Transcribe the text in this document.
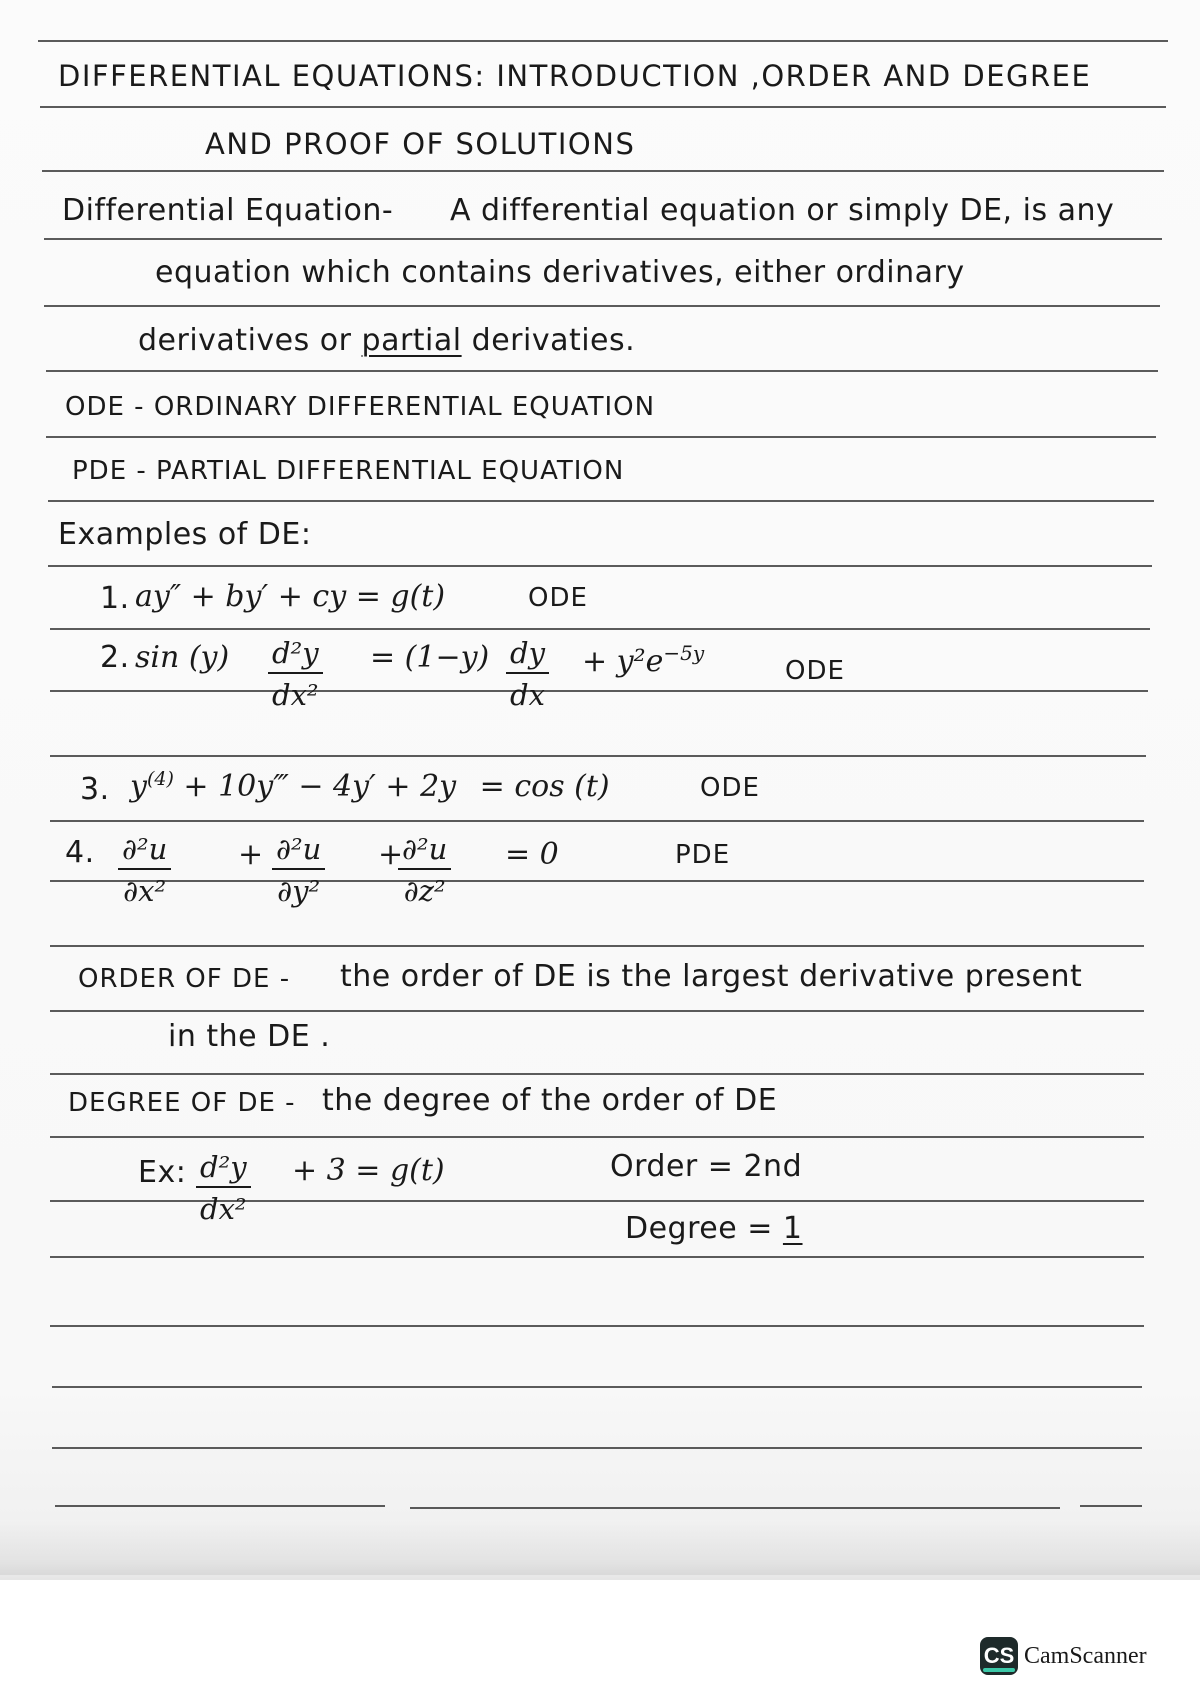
DIFFERENTIAL EQUATIONS: INTRODUCTION ,ORDER AND DEGREE
AND PROOF OF SOLUTIONS
Differential Equation- A differential equation or simply DE, is any
equation which contains derivatives, either ordinary
derivatives or partial derivaties.
ODE - ORDINARY DIFFERENTIAL EQUATION
PDE - PARTIAL DIFFERENTIAL EQUATION
Examples of DE:
1. ay″ + by′ + cy = g(t)	ODE
2. $\sin (y) \frac{\text{d²y}}{\text{dx²}} = (1-y) \frac{dy}{dx} + y^2e^{-5y}$
ODE
3. $y^{(4)}$ + 10y‴ − 4y′ + 2y = cos (t)	ODE
4. $\frac{\text{∂²u}}{\text{∂x²}} + \frac{\text{∂²u}}{\text{∂y²}}$ +
$\frac{\text{∂²u}}{\text{∂z²}} = 0$	PDE
ORDER OF DE - the order of DE is the largest derivative present
in the DE .
DEGREE OF DE - the degree of the order of DE
Ex: $\frac{\text{d²y}}{\text{dx²}} + 3 = g(t)$	Order = 2nd
Degree = 1
CS CamScanner
